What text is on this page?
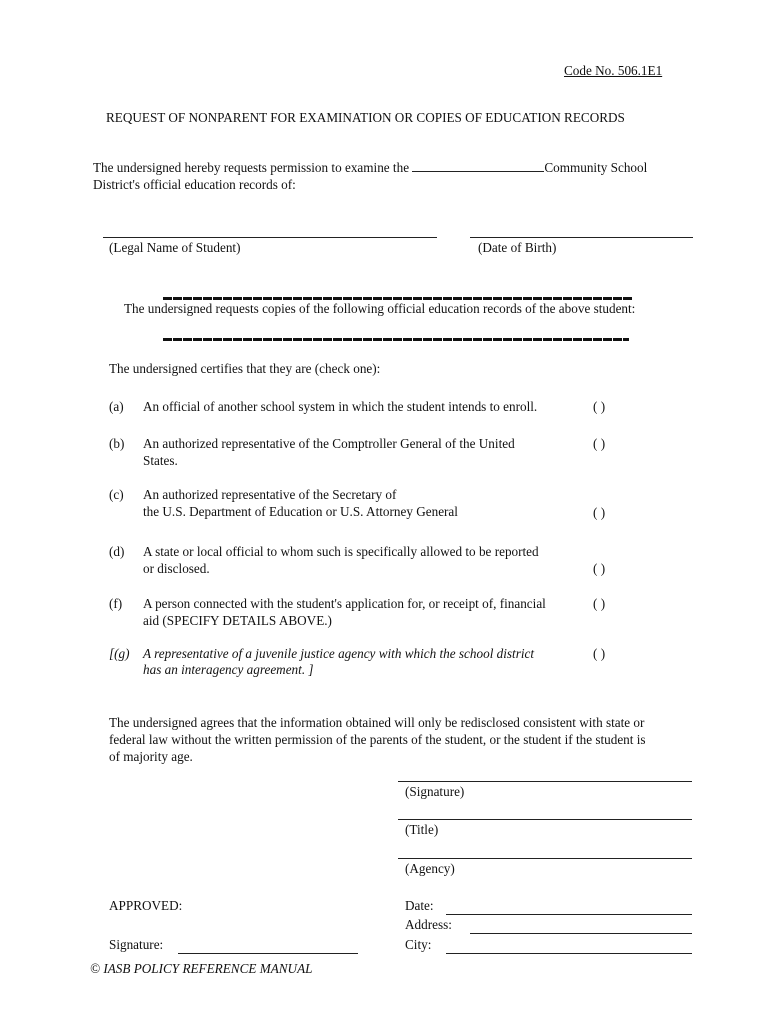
Code No. 506.1E1
REQUEST OF NONPARENT FOR EXAMINATION OR COPIES OF EDUCATION RECORDS
The undersigned hereby requests permission to examine the	Community School
District's official education records of:
(Legal Name of Student)	(Date of Birth)
The undersigned requests copies of the following official education records of the above student:
The undersigned certifies that they are (check one):
(a) An official of another school system in which the student intends to enroll.	( )
(b) An authorized representative of the Comptroller General of the United
States.
( )
(c) An authorized representative of the Secretary of
the U.S. Department of Education or U.S. Attorney General	( )
(d) A state or local official to whom such is specifically allowed to be reported
or disclosed.	( )
(f) A person connected with the student's application for, or receipt of, financial
aid (SPECIFY DETAILS ABOVE.)
( )
[(g) A representative of a juvenile justice agency with which the school district
has an interagency agreement. ]
( )
The undersigned agrees that the information obtained will only be redisclosed consistent with state or
federal law without the written permission of the parents of the student, or the student if the student is
of majority age.
(Signature)
(Title)
(Agency)
APPROVED:	Date:
Address:
Signature:	City:
© IASB POLICY REFERENCE MANUAL
